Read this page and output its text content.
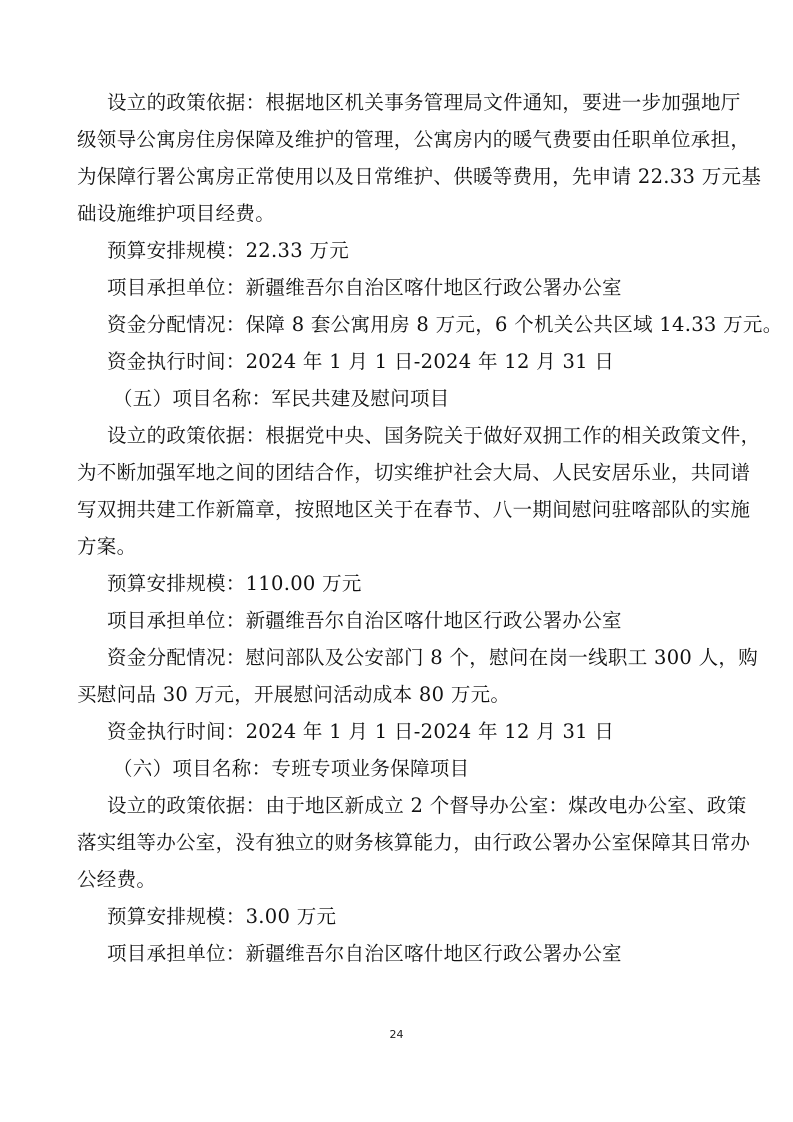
设立的政策依据：根据地区机关事务管理局文件通知，要进一步加强地厅
级领导公寓房住房保障及维护的管理，公寓房内的暖气费要由任职单位承担，
为保障行署公寓房正常使用以及日常维护、供暖等费用，先申请 22.33 万元基
础设施维护项目经费。
预算安排规模：22.33 万元
项目承担单位：新疆维吾尔自治区喀什地区行政公署办公室
资金分配情况：保障 8 套公寓用房 8 万元，6 个机关公共区域 14.33 万元。
资金执行时间：2024 年 1 月 1 日-2024 年 12 月 31 日
（五）项目名称：军民共建及慰问项目
设立的政策依据：根据党中央、国务院关于做好双拥工作的相关政策文件，
为不断加强军地之间的团结合作，切实维护社会大局、人民安居乐业，共同谱
写双拥共建工作新篇章，按照地区关于在春节、八一期间慰问驻喀部队的实施
方案。
预算安排规模：110.00 万元
项目承担单位：新疆维吾尔自治区喀什地区行政公署办公室
资金分配情况：慰问部队及公安部门 8 个，慰问在岗一线职工 300 人，购
买慰问品 30 万元，开展慰问活动成本 80 万元。
资金执行时间：2024 年 1 月 1 日-2024 年 12 月 31 日
（六）项目名称：专班专项业务保障项目
设立的政策依据：由于地区新成立 2 个督导办公室：煤改电办公室、政策
落实组等办公室，没有独立的财务核算能力，由行政公署办公室保障其日常办
公经费。
预算安排规模：3.00 万元
项目承担单位：新疆维吾尔自治区喀什地区行政公署办公室
24
